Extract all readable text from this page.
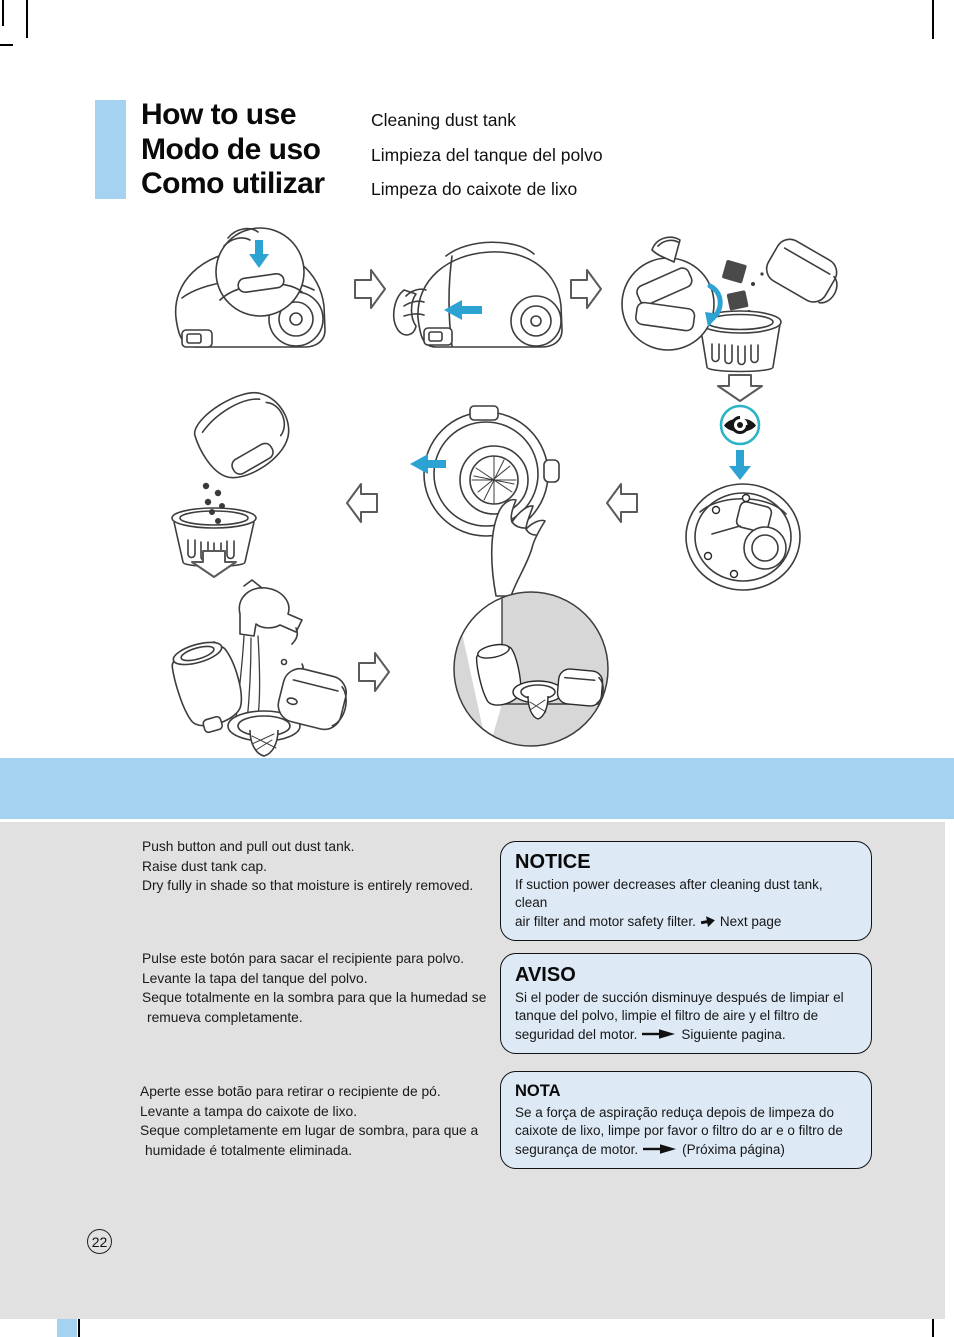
How to use
Modo de uso
Como utilizar
Cleaning dust tank
Limpieza del tanque del polvo
Limpeza do caixote de lixo
Push button and pull out dust tank.
Raise dust tank cap.
Dry fully in shade so that moisture is entirely removed.
Pulse este botón para sacar el recipiente para polvo.
Levante la tapa del tanque del polvo.
Seque totalmente en la sombra para que la humedad se
remueva completamente.
Aperte esse botão para retirar o recipiente de pó.
Levante a tampa do caixote de lixo.
Seque completamente em lugar de sombra, para que a
humidade é totalmente eliminada.
NOTICE
If suction power decreases after cleaning dust tank, clean
air filter and motor safety filter. Next page
AVISO
Si el poder de succión disminuye después de limpiar el
tanque del polvo, limpie el filtro de aire y el filtro de
seguridad del motor.	Siguiente pagina.
NOTA
Se a força de aspiração reduça depois de limpeza do
caixote de lixo, limpe por favor o filtro do ar e o filtro de
segurança de motor.	(Próxima página)
22
